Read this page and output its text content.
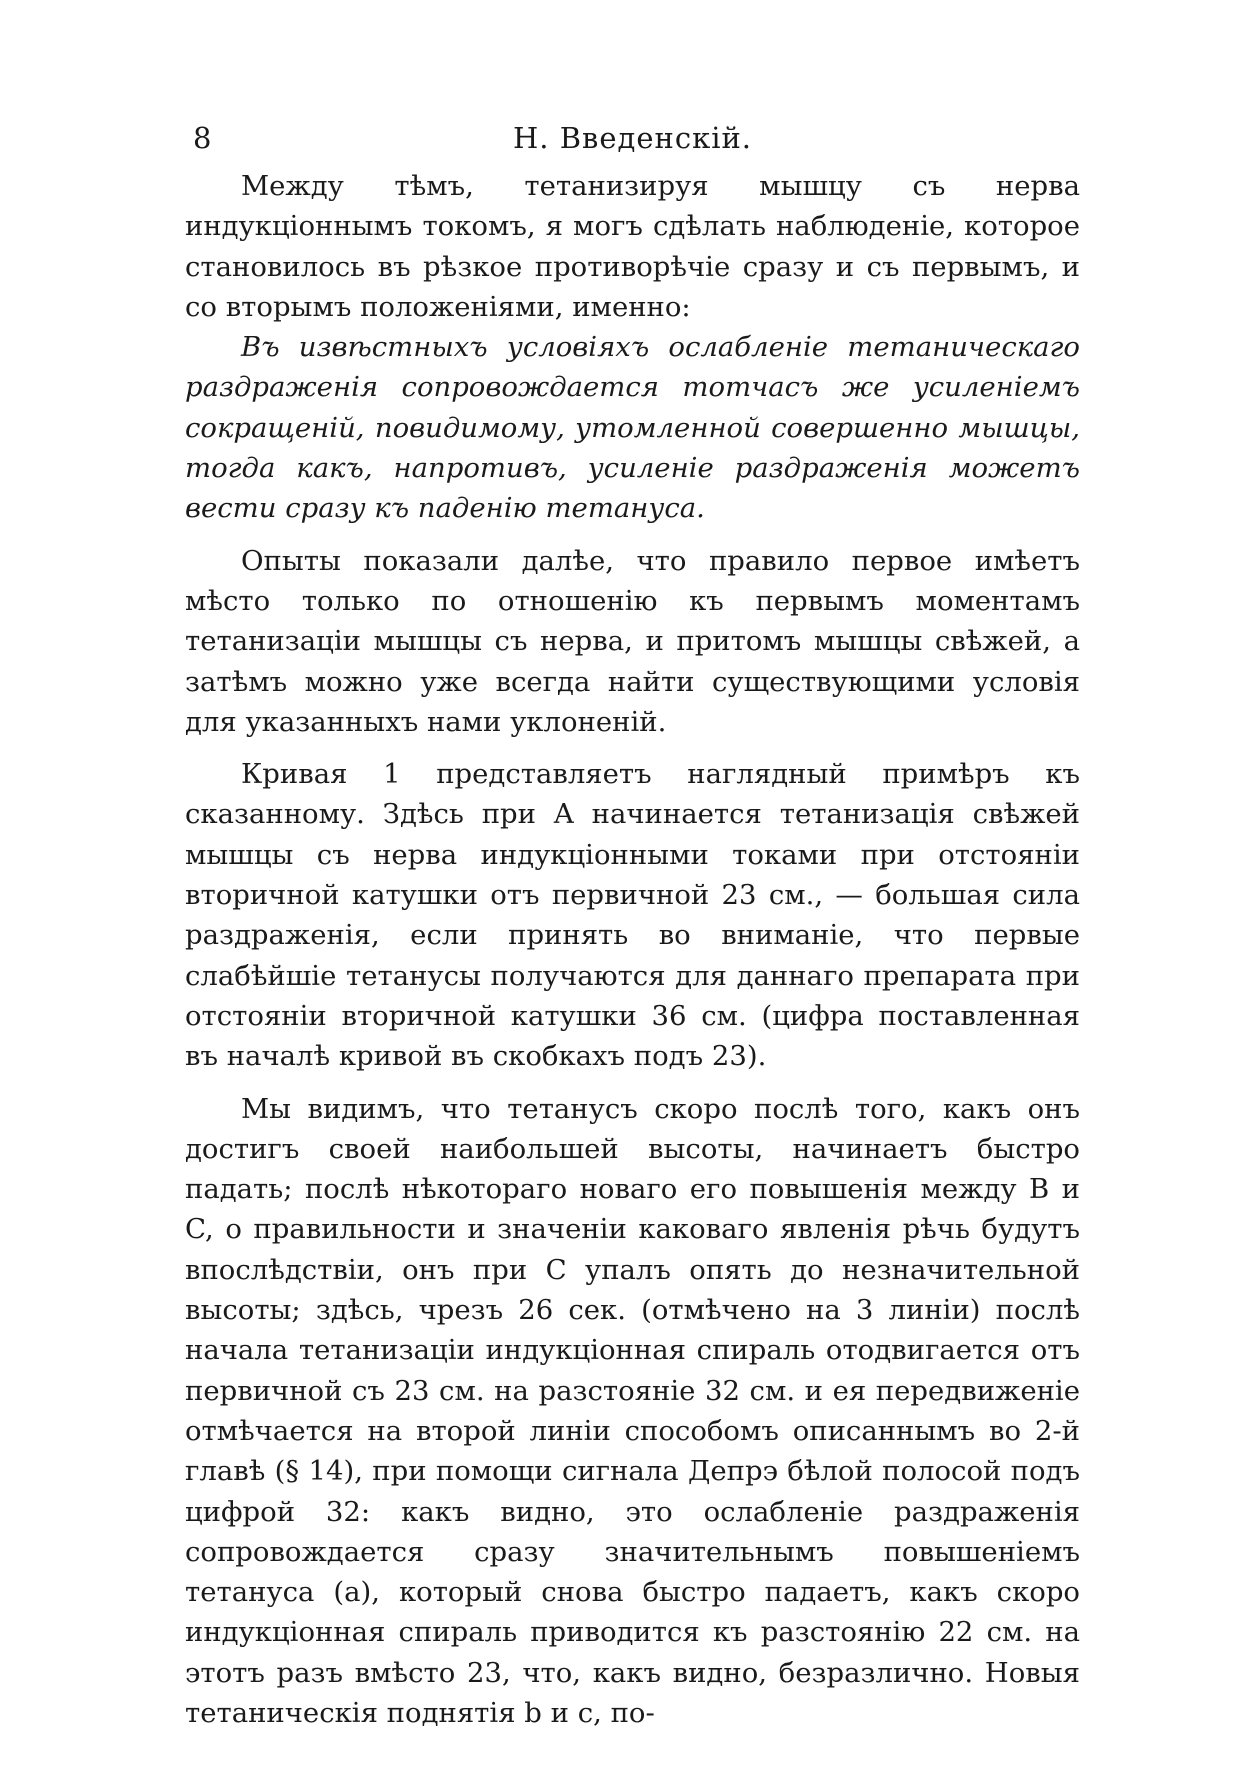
8	Н. Введенскій.

Между тѣмъ, тетанизируя мышцу съ нерва индукціоннымъ токомъ, я могъ сдѣлать наблюденіе, которое становилось въ рѣзкое противорѣчіе сразу и съ первымъ, и со вторымъ положеніями, именно:

Въ извѣстныхъ условіяхъ ослабленіе тетаническаго раздраженія сопровождается тотчасъ же усиленіемъ сокращеній, повидимому, утомленной совершенно мышцы, тогда какъ, напротивъ, усиленіе раздраженія можетъ вести сразу къ паденію тетануса.

Опыты показали далѣе, что правило первое имѣетъ мѣсто только по отношенію къ первымъ моментамъ тетанизаціи мышцы съ нерва, и притомъ мышцы свѣжей, а затѣмъ можно уже всегда найти существующими условія для указанныхъ нами уклоненій.

Кривая 1 представляетъ наглядный примѣръ къ сказанному. Здѣсь при A начинается тетанизація свѣжей мышцы съ нерва индукціонными токами при отстояніи вторичной катушки отъ первичной 23 см., — большая сила раздраженія, если принять во вниманіе, что первые слабѣйшіе тетанусы получаются для даннаго препарата при отстояніи вторичной катушки 36 см. (цифра поставленная въ началѣ кривой въ скобкахъ подъ 23).

Мы видимъ, что тетанусъ скоро послѣ того, какъ онъ достигъ своей наибольшей высоты, начинаетъ быстро падать; послѣ нѣкотораго новаго его повышенія между B и C, о правильности и значеніи каковаго явленія рѣчь будутъ впослѣдствіи, онъ при C упалъ опять до незначительной высоты; здѣсь, чрезъ 26 сек. (отмѣчено на 3 линіи) послѣ начала тетанизаціи индукціонная спираль отодвигается отъ первичной съ 23 см. на разстояніе 32 см. и ея передвиженіе отмѣчается на второй линіи способомъ описаннымъ во 2-й главѣ (§ 14), при помощи сигнала Депрэ бѣлой полосой подъ цифрой 32: какъ видно, это ослабленіе раздраженія сопровождается сразу значительнымъ повышеніемъ тетануса (a), который снова быстро падаетъ, какъ скоро индукціонная спираль приводится къ разстоянію 22 см. на этотъ разъ вмѣсто 23, что, какъ видно, безразлично. Новыя тетаническія поднятія b и c, по-
